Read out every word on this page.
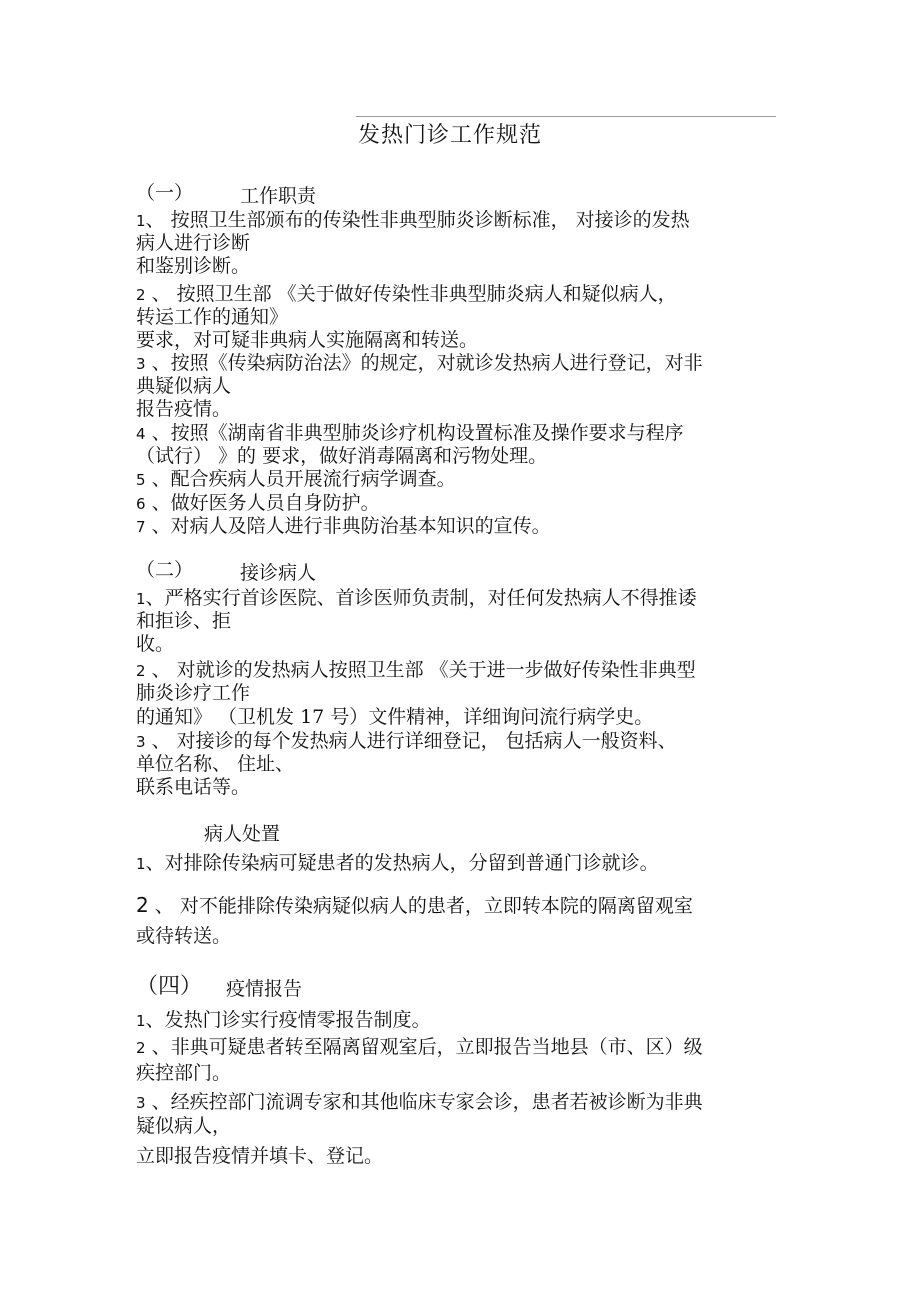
发热门诊工作规范
（一） 工作职责
1、 按照卫生部颁布的传染性非典型肺炎诊断标准， 对接诊的发热
病人进行诊断
和鉴别诊断。
2 、 按照卫生部 《关于做好传染性非典型肺炎病人和疑似病人，
转运工作的通知》
要求，对可疑非典病人实施隔离和转送。
3 、按照《传染病防治法》的规定，对就诊发热病人进行登记，对非
典疑似病人
报告疫情。
4 、按照《湖南省非典型肺炎诊疗机构设置标准及操作要求与程序
（试行） 》的 要求，做好消毒隔离和污物处理。
5 、配合疾病人员开展流行病学调查。
6 、做好医务人员自身防护。
7 、对病人及陪人进行非典防治基本知识的宣传。
（二） 接诊病人
1、严格实行首诊医院、首诊医师负责制，对任何发热病人不得推诿
和拒诊、拒
收。
2 、 对就诊的发热病人按照卫生部 《关于进一步做好传染性非典型
肺炎诊疗工作
的通知》 （卫机发 17 号）文件精神，详细询问流行病学史。
3 、 对接诊的每个发热病人进行详细登记， 包括病人一般资料、
单位名称、 住址、
联系电话等。
病人处置
1、对排除传染病可疑患者的发热病人，分留到普通门诊就诊。
2 、 对不能排除传染病疑似病人的患者，立即转本院的隔离留观室
或待转送。
（四） 疫情报告
1、发热门诊实行疫情零报告制度。
2 、非典可疑患者转至隔离留观室后，立即报告当地县（市、区）级
疾控部门。
3 、经疾控部门流调专家和其他临床专家会诊，患者若被诊断为非典
疑似病人，
立即报告疫情并填卡、登记。
